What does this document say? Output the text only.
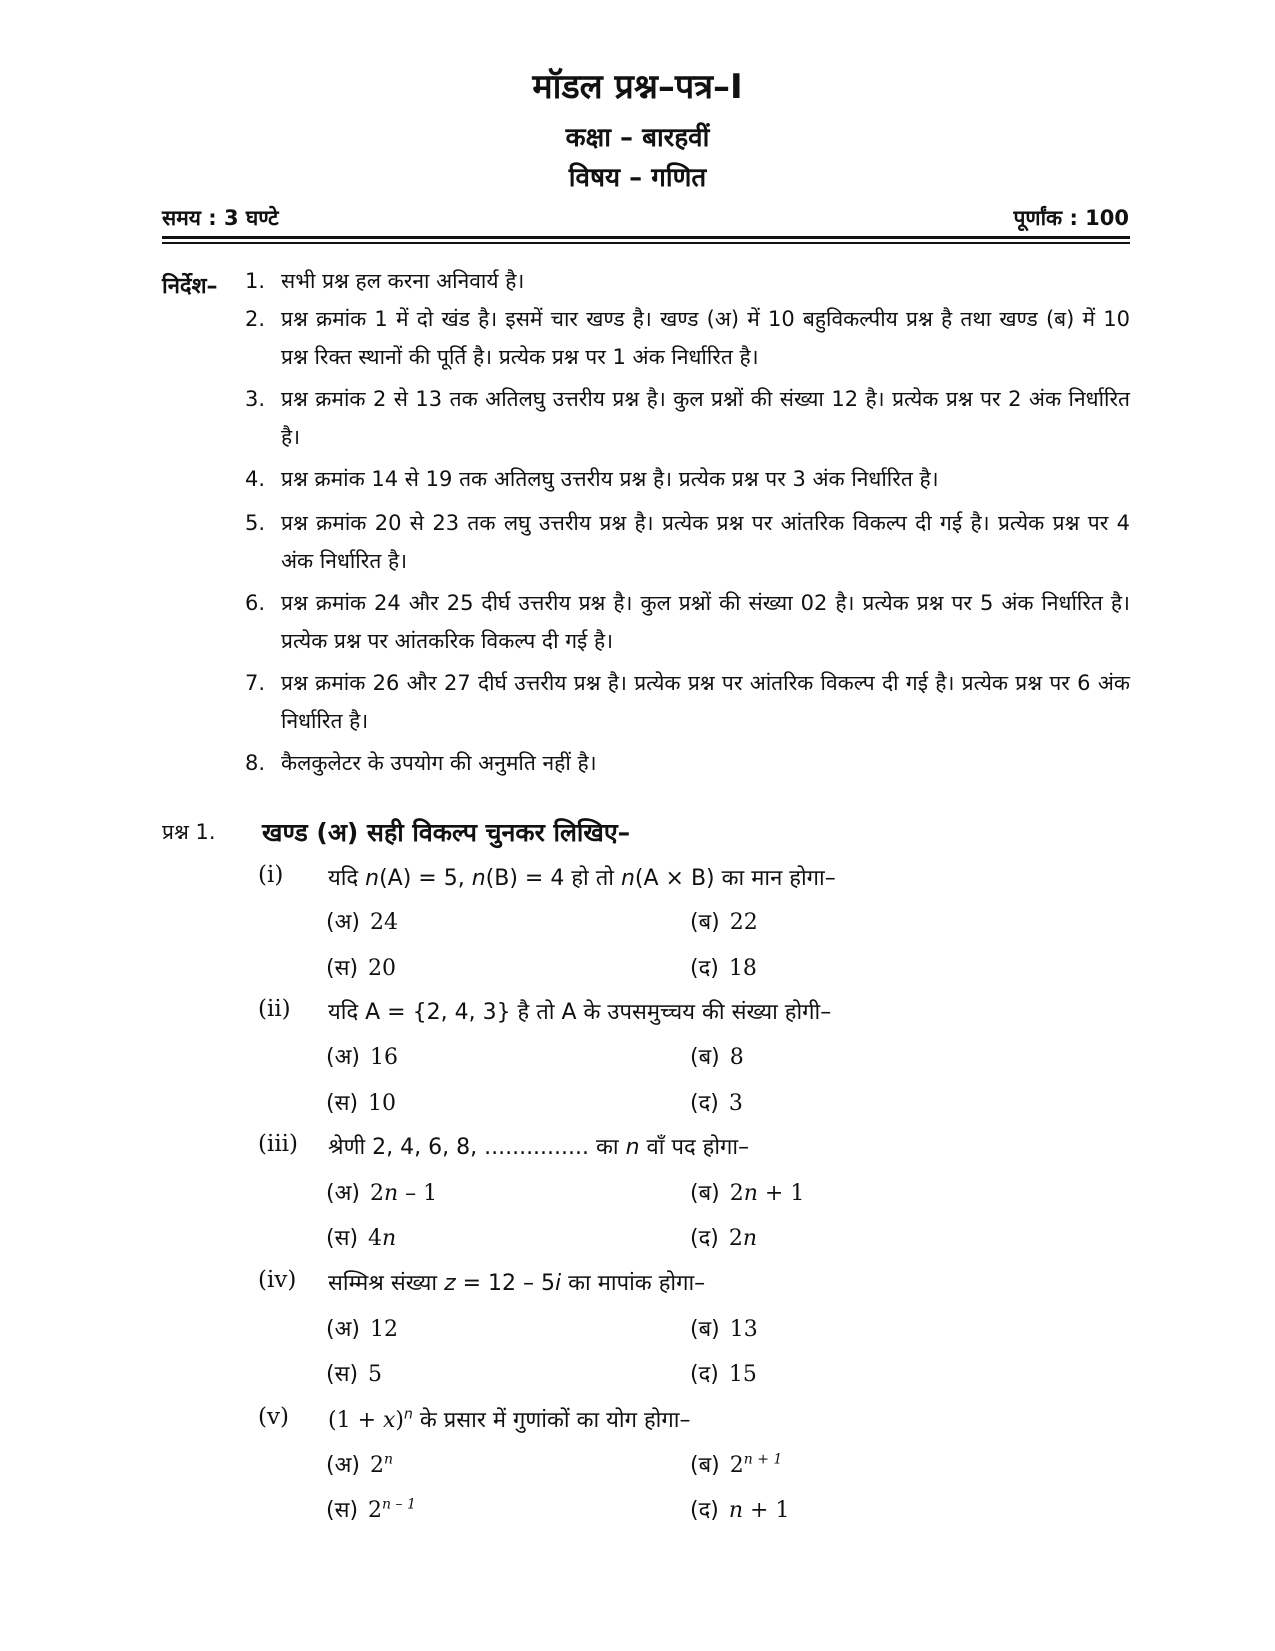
मॉडल प्रश्न–पत्र–I
कक्षा – बारहवीं
विषय – गणित
समय : 3 घण्टे	पूर्णांक : 100
निर्देश– 1. सभी प्रश्न हल करना अनिवार्य है।
2. प्रश्न क्रमांक 1 में दो खंड है। इसमें चार खण्ड है। खण्ड (अ) में 10 बहुविकल्पीय प्रश्न है तथा खण्ड (ब) में 10 प्रश्न रिक्त स्थानों की पूर्ति है। प्रत्येक प्रश्न पर 1 अंक निर्धारित है।
3. प्रश्न क्रमांक 2 से 13 तक अतिलघु उत्तरीय प्रश्न है। कुल प्रश्नों की संख्या 12 है। प्रत्येक प्रश्न पर 2 अंक निर्धारित है।
4. प्रश्न क्रमांक 14 से 19 तक अतिलघु उत्तरीय प्रश्न है। प्रत्येक प्रश्न पर 3 अंक निर्धारित है।
5. प्रश्न क्रमांक 20 से 23 तक लघु उत्तरीय प्रश्न है। प्रत्येक प्रश्न पर आंतरिक विकल्प दी गई है। प्रत्येक प्रश्न पर 4 अंक निर्धारित है।
6. प्रश्न क्रमांक 24 और 25 दीर्घ उत्तरीय प्रश्न है। कुल प्रश्नों की संख्या 02 है। प्रत्येक प्रश्न पर 5 अंक निर्धारित है। प्रत्येक प्रश्न पर आंतकरिक विकल्प दी गई है।
7. प्रश्न क्रमांक 26 और 27 दीर्घ उत्तरीय प्रश्न है। प्रत्येक प्रश्न पर आंतरिक विकल्प दी गई है। प्रत्येक प्रश्न पर 6 अंक निर्धारित है।
8. कैलकुलेटर के उपयोग की अनुमति नहीं है।
प्रश्न 1. खण्ड (अ) सही विकल्प चुनकर लिखिए–
(i) यदि n(A) = 5, n(B) = 4 हो तो n(A × B) का मान होगा–
(अ) 24	(ब) 22
(स) 20	(द) 18
(ii) यदि A = {2, 4, 3} है तो A के उपसमुच्चय की संख्या होगी–
(अ) 16	(ब) 8
(स) 10	(द) 3
(iii) श्रेणी 2, 4, 6, 8, ............... का n वाँ पद होगा–
(अ) 2n – 1	(ब) 2n + 1
(स) 4n	(द) 2n
(iv) सम्मिश्र संख्या z = 12 – 5i का मापांक होगा–
(अ) 12	(ब) 13
(स) 5	(द) 15
(v) $(1 + x)^n$ के प्रसार में गुणांकों का योग होगा–
(अ) 2$^n$	(ब) $2^{n + 1}$
(स) 2$^{n - 1}$	(द) n + 1
